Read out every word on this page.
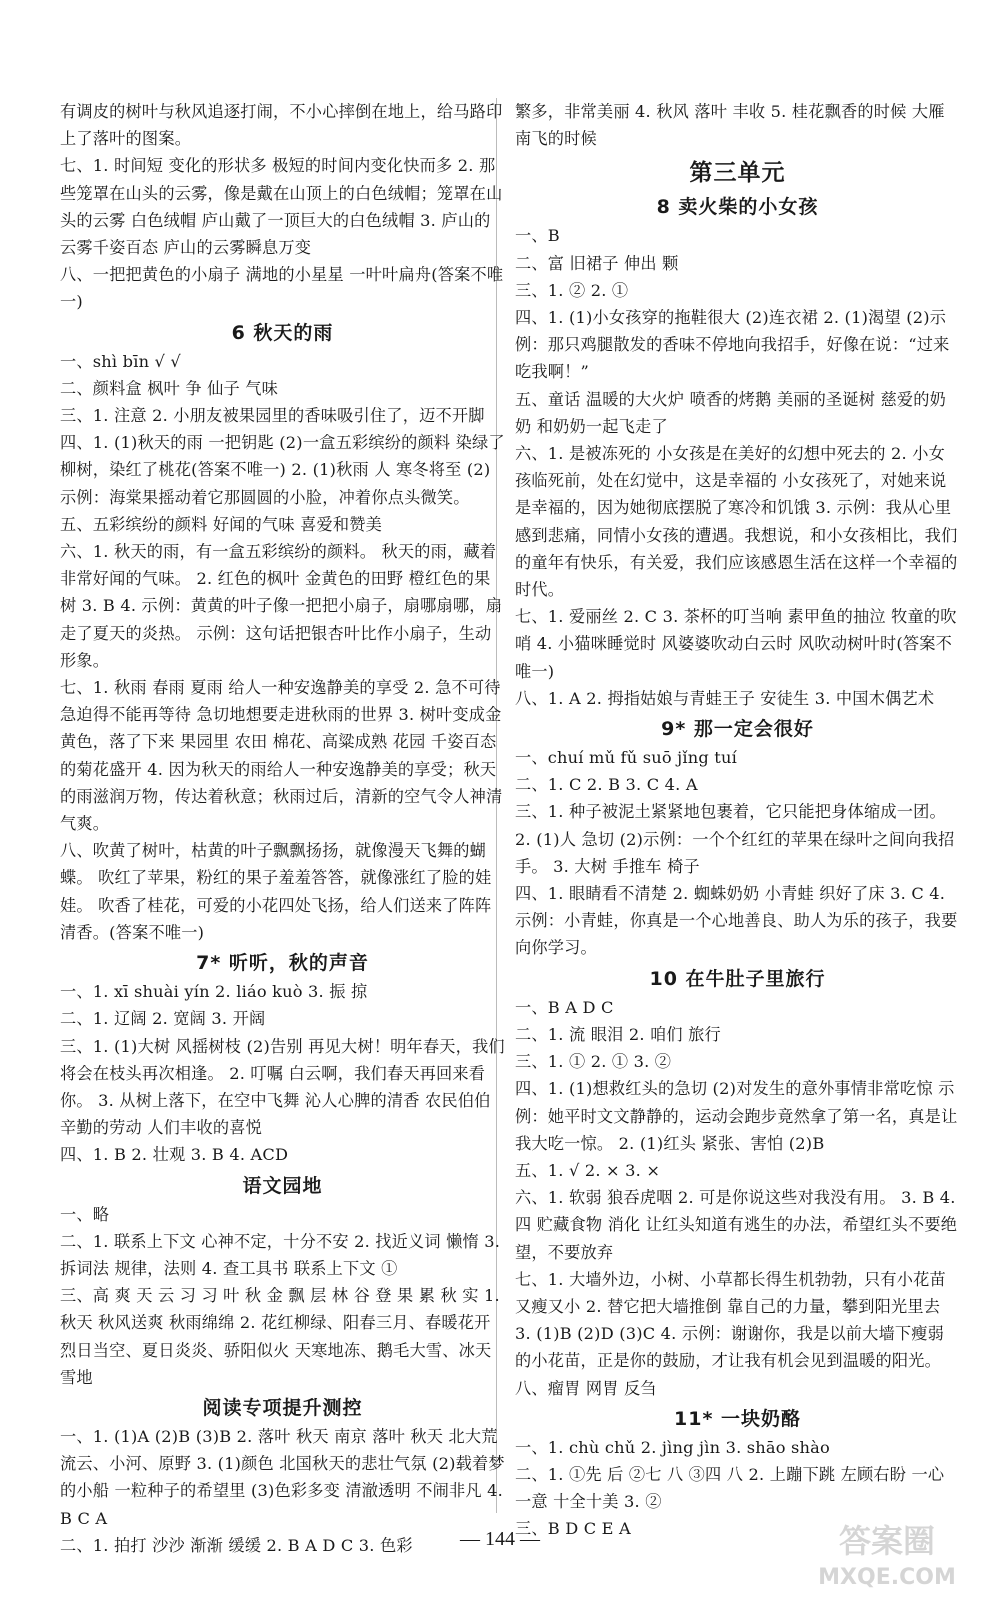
有调皮的树叶与秋风追逐打闹，不小心摔倒在地上，给马路印上了落叶的图案。
七、1. 时间短 变化的形状多 极短的时间内变化快而多 2. 那些笼罩在山头的云雾，像是戴在山顶上的白色绒帽；笼罩在山头的云雾 白色绒帽 庐山戴了一顶巨大的白色绒帽 3. 庐山的云雾千姿百态 庐山的云雾瞬息万变
八、一把把黄色的小扇子 满地的小星星 一叶叶扁舟(答案不唯一)
6 秋天的雨
一、shì bīn √ √
二、颜料盒 枫叶 争 仙子 气味
三、1. 注意 2. 小朋友被果园里的香味吸引住了，迈不开脚
四、1. (1)秋天的雨 一把钥匙 (2)一盒五彩缤纷的颜料 染绿了柳树，染红了桃花(答案不唯一) 2. (1)秋雨 人 寒冬将至 (2)示例：海棠果摇动着它那圆圆的小脸，冲着你点头微笑。
五、五彩缤纷的颜料 好闻的气味 喜爱和赞美
六、1. 秋天的雨，有一盒五彩缤纷的颜料。 秋天的雨，藏着非常好闻的气味。 2. 红色的枫叶 金黄色的田野 橙红色的果树 3. B 4. 示例：黄黄的叶子像一把把小扇子，扇哪扇哪，扇走了夏天的炎热。 示例：这句话把银杏叶比作小扇子，生动形象。
七、1. 秋雨 春雨 夏雨 给人一种安逸静美的享受 2. 急不可待 急迫得不能再等待 急切地想要走进秋雨的世界 3. 树叶变成金黄色，落了下来 果园里 农田 棉花、高粱成熟 花园 千姿百态的菊花盛开 4. 因为秋天的雨给人一种安逸静美的享受；秋天的雨滋润万物，传达着秋意；秋雨过后，清新的空气令人神清气爽。
八、吹黄了树叶，枯黄的叶子飘飘扬扬，就像漫天飞舞的蝴蝶。 吹红了苹果，粉红的果子羞羞答答，就像涨红了脸的娃娃。 吹香了桂花，可爱的小花四处飞扬，给人们送来了阵阵清香。(答案不唯一)
7* 听听，秋的声音
一、1. xī shuài yín 2. liáo kuò 3. 振 掠
二、1. 辽阔 2. 宽阔 3. 开阔
三、1. (1)大树 风摇树枝 (2)告别 再见大树！明年春天，我们将会在枝头再次相逢。 2. 叮嘱 白云啊，我们春天再回来看你。 3. 从树上落下，在空中飞舞 沁人心脾的清香 农民伯伯辛勤的劳动 人们丰收的喜悦
四、1. B 2. 壮观 3. B 4. ACD
语文园地
一、略
二、1. 联系上下文 心神不定，十分不安 2. 找近义词 懒惰 3. 拆词法 规律，法则 4. 查工具书 联系上下文 ①
三、高 爽 天 云 习 习 叶 秋 金 飘 层 林 谷 登 果 累 秋 实 1. 秋天 秋风送爽 秋雨绵绵 2. 花红柳绿、阳春三月、春暖花开 烈日当空、夏日炎炎、骄阳似火 天寒地冻、鹅毛大雪、冰天雪地
阅读专项提升测控
一、1. (1)A (2)B (3)B 2. 落叶 秋天 南京 落叶 秋天 北大荒 流云、小河、原野 3. (1)颜色 北国秋天的悲壮气氛 (2)载着梦的小船 一粒种子的希望里 (3)色彩多变 清澈透明 不闹非凡 4. B C A
二、1. 拍打 沙沙 渐渐 缓缓 2. B A D C 3. 色彩
繁多，非常美丽 4. 秋风 落叶 丰收 5. 桂花飘香的时候 大雁南飞的时候
第三单元
8 卖火柴的小女孩
一、B
二、富 旧裙子 伸出 颗
三、1. ② 2. ①
四、1. (1)小女孩穿的拖鞋很大 (2)连衣裙 2. (1)渴望 (2)示例：那只鸡腿散发的香味不停地向我招手，好像在说：“过来吃我啊！”
五、童话 温暖的大火炉 喷香的烤鹅 美丽的圣诞树 慈爱的奶奶 和奶奶一起飞走了
六、1. 是被冻死的 小女孩是在美好的幻想中死去的 2. 小女孩临死前，处在幻觉中，这是幸福的 小女孩死了，对她来说是幸福的，因为她彻底摆脱了寒冷和饥饿 3. 示例：我从心里感到悲痛，同情小女孩的遭遇。我想说，和小女孩相比，我们的童年有快乐，有关爱，我们应该感恩生活在这样一个幸福的时代。
七、1. 爱丽丝 2. C 3. 茶杯的叮当响 素甲鱼的抽泣 牧童的吹哨 4. 小猫咪睡觉时 风婆婆吹动白云时 风吹动树叶时(答案不唯一)
八、1. A 2. 拇指姑娘与青蛙王子 安徒生 3. 中国木偶艺术
9* 那一定会很好
一、chuí mǔ fǔ suō jǐng tuí
二、1. C 2. B 3. C 4. A
三、1. 种子被泥土紧紧地包裹着，它只能把身体缩成一团。 2. (1)人 急切 (2)示例：一个个红红的苹果在绿叶之间向我招手。 3. 大树 手推车 椅子
四、1. 眼睛看不清楚 2. 蜘蛛奶奶 小青蛙 织好了床 3. C 4. 示例：小青蛙，你真是一个心地善良、助人为乐的孩子，我要向你学习。
10 在牛肚子里旅行
一、B A D C
二、1. 流 眼泪 2. 咱们 旅行
三、1. ① 2. ① 3. ②
四、1. (1)想救红头的急切 (2)对发生的意外事情非常吃惊 示例：她平时文文静静的，运动会跑步竟然拿了第一名，真是让我大吃一惊。 2. (1)红头 紧张、害怕 (2)B
五、1. √ 2. × 3. ×
六、1. 软弱 狼吞虎咽 2. 可是你说这些对我没有用。 3. B 4. 四 贮藏食物 消化 让红头知道有逃生的办法，希望红头不要绝望，不要放弃
七、1. 大墙外边，小树、小草都长得生机勃勃，只有小花苗又瘦又小 2. 替它把大墙推倒 靠自己的力量，攀到阳光里去 3. (1)B (2)D (3)C 4. 示例：谢谢你，我是以前大墙下瘦弱的小花苗，正是你的鼓励，才让我有机会见到温暖的阳光。
八、瘤胃 网胃 反刍
11* 一块奶酪
一、1. chù chǔ 2. jìng jìn 3. shāo shào
二、1. ①先 后 ②七 八 ③四 八 2. 上蹦下跳 左顾右盼 一心一意 十全十美 3. ②
三、B D C E A
— 144 —	答案圈
MXQE.COM
